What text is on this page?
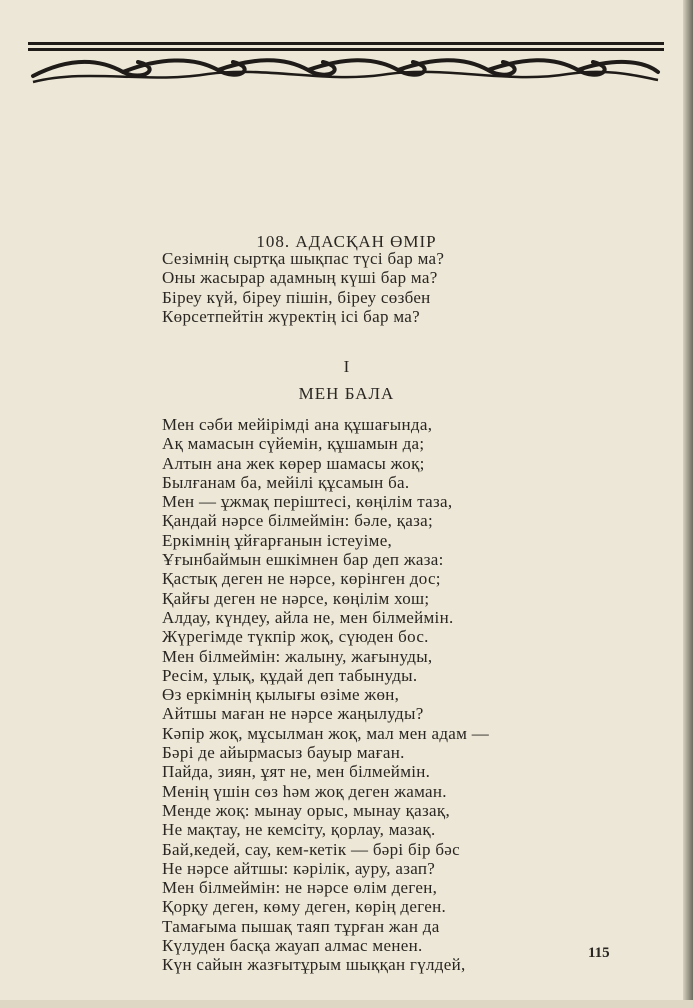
108. АДАСҚАН ӨМІР
Сезімнің сыртқа шықпас түсі бар ма?
Оны жасырар адамның күші бар ма?
Біреу күй, біреу пішін, біреу сөзбен
Көрсетпейтін жүректің ісі бар ма?
I
МЕН БАЛА
Мен сәби мейірімді ана құшағында,
Ақ мамасын сүйемін, құшамын да;
Алтын ана жек көрер шамасы жоқ;
Былғанам ба, мейілі құсамын ба.
Мен — ұжмақ періштесі, көңілім таза,
Қандай нәрсе білмеймін: бәле, қаза;
Еркімнің ұйғарғанын істеуіме,
Ұғынбаймын ешкімнен бар деп жаза:
Қастық деген не нәрсе, көрінген дос;
Қайғы деген не нәрсе, көңілім хош;
Алдау, күндеу, айла не, мен білмеймін.
Жүрегімде түкпір жоқ, сүюден бос.
Мен білмеймін: жалыну, жағынуды,
Ресім, ұлық, құдай деп табынуды.
Өз еркімнің қылығы өзіме жөн,
Айтшы маған не нәрсе жаңылуды?
Кәпір жоқ, мұсылман жоқ, мал мен адам —
Бәрі де айырмасыз бауыр маған.
Пайда, зиян, ұят не, мен білмеймін.
Менің үшін сөз һәм жоқ деген жаман.
Менде жоқ: мынау орыс, мынау қазақ,
Не мақтау, не кемсіту, қорлау, мазақ.
Бай,кедей, сау, кем-кетік — бәрі бір бәс
Не нәрсе айтшы: кәрілік, ауру, азап?
Мен білмеймін: не нәрсе өлім деген,
Қорқу деген, көму деген, көрің деген.
Тамағыма пышақ таяп тұрған жан да
Күлуден басқа жауап алмас менен.
Күн сайын жазғытұрым шыққан гүлдей,
115
